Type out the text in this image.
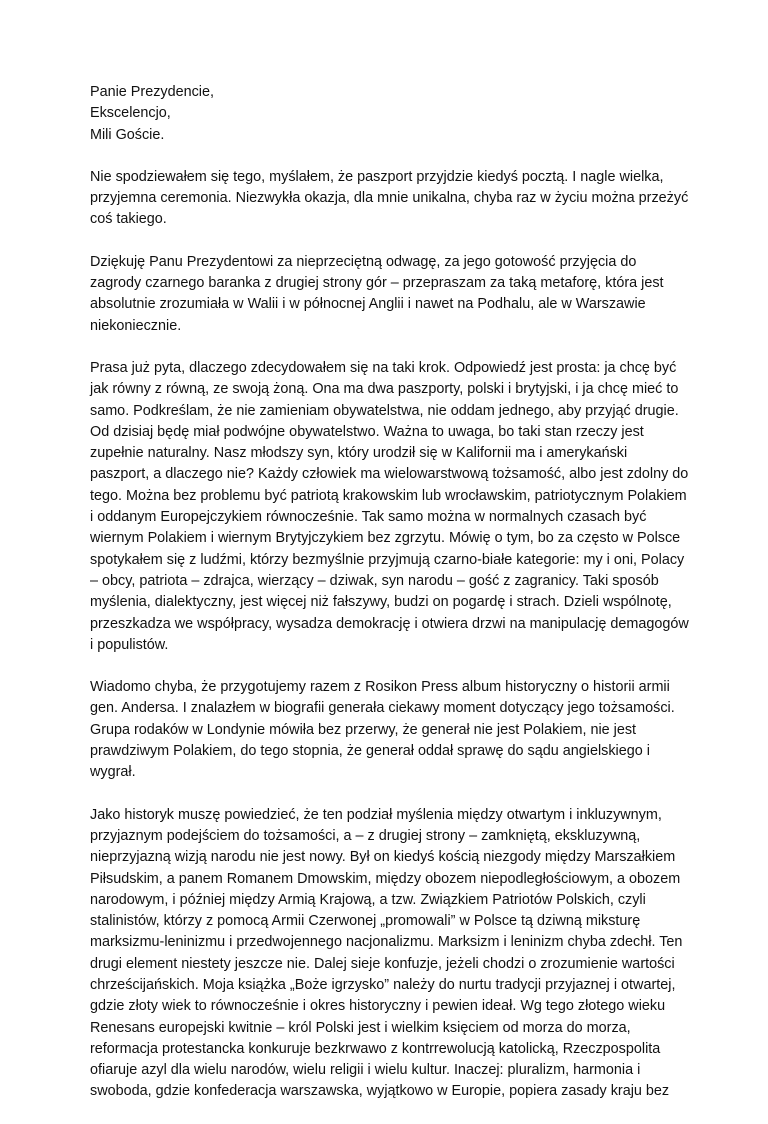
Panie Prezydencie,
Ekscelencjo,
Mili Goście.

Nie spodziewałem się tego, myślałem, że paszport przyjdzie kiedyś pocztą. I nagle wielka, przyjemna ceremonia. Niezwykła okazja, dla mnie unikalna, chyba raz w życiu można przeżyć coś takiego.

Dziękuję Panu Prezydentowi za nieprzeciętną odwagę, za jego gotowość przyjęcia do zagrody czarnego baranka z drugiej strony gór – przepraszam za taką metaforę, która jest absolutnie zrozumiała w Walii i w północnej Anglii i nawet na Podhalu, ale w Warszawie niekoniecznie.

Prasa już pyta, dlaczego zdecydowałem się na taki krok. Odpowiedź jest prosta: ja chcę być jak równy z równą, ze swoją żoną. Ona ma dwa paszporty, polski i brytyjski, i ja chcę mieć to samo. Podkreślam, że nie zamieniam obywatelstwa, nie oddam jednego, aby przyjąć drugie. Od dzisiaj będę miał podwójne obywatelstwo. Ważna to uwaga, bo taki stan rzeczy jest zupełnie naturalny. Nasz młodszy syn, który urodził się w Kalifornii ma i amerykański paszport, a dlaczego nie? Każdy człowiek ma wielowarstwową tożsamość, albo jest zdolny do tego. Można bez problemu być patriotą krakowskim lub wrocławskim, patriotycznym Polakiem i oddanym Europejczykiem równocześnie. Tak samo można w normalnych czasach być wiernym Polakiem i wiernym Brytyjczykiem bez zgrzytu. Mówię o tym, bo za często w Polsce spotykałem się z ludźmi, którzy bezmyślnie przyjmują czarno-białe kategorie: my i oni, Polacy – obcy, patriota – zdrajca, wierzący – dziwak, syn narodu – gość z zagranicy. Taki sposób myślenia, dialektyczny, jest więcej niż fałszywy, budzi on pogardę i strach. Dzieli wspólnotę, przeszkadza we współpracy, wysadza demokrację i otwiera drzwi na manipulację demagogów i populistów.

Wiadomo chyba, że przygotujemy razem z Rosikon Press album historyczny o historii armii gen. Andersa. I znalazłem w biografii generała ciekawy moment dotyczący jego tożsamości. Grupa rodaków w Londynie mówiła bez przerwy, że generał nie jest Polakiem, nie jest prawdziwym Polakiem, do tego stopnia, że generał oddał sprawę do sądu angielskiego i wygrał.

Jako historyk muszę powiedzieć, że ten podział myślenia między otwartym i inkluzywnym, przyjaznym podejściem do tożsamości, a – z drugiej strony – zamkniętą, ekskluzywną, nieprzyjazną wizją narodu nie jest nowy. Był on kiedyś kością niezgody między Marszałkiem Piłsudskim, a panem Romanem Dmowskim, między obozem niepodległościowym, a obozem narodowym, i później między Armią Krajową, a tzw. Związkiem Patriotów Polskich, czyli stalinistów, którzy z pomocą Armii Czerwonej „promowali” w Polsce tą dziwną miksturę marksizmu-leninizmu i przedwojennego nacjonalizmu. Marksizm i leninizm chyba zdechł. Ten drugi element niestety jeszcze nie. Dalej sieje konfuzje, jeżeli chodzi o zrozumienie wartości chrześcijańskich. Moja książka „Boże igrzysko” należy do nurtu tradycji przyjaznej i otwartej, gdzie złoty wiek to równocześnie i okres historyczny i pewien ideał. Wg tego złotego wieku Renesans europejski kwitnie – król Polski jest i wielkim księciem od morza do morza, reformacja protestancka konkuruje bezkrwawo z kontrrewolucją katolicką, Rzeczpospolita ofiaruje azyl dla wielu narodów, wielu religii i wielu kultur. Inaczej: pluralizm, harmonia i swoboda, gdzie konfederacja warszawska, wyjątkowo w Europie, popiera zasady kraju bez
